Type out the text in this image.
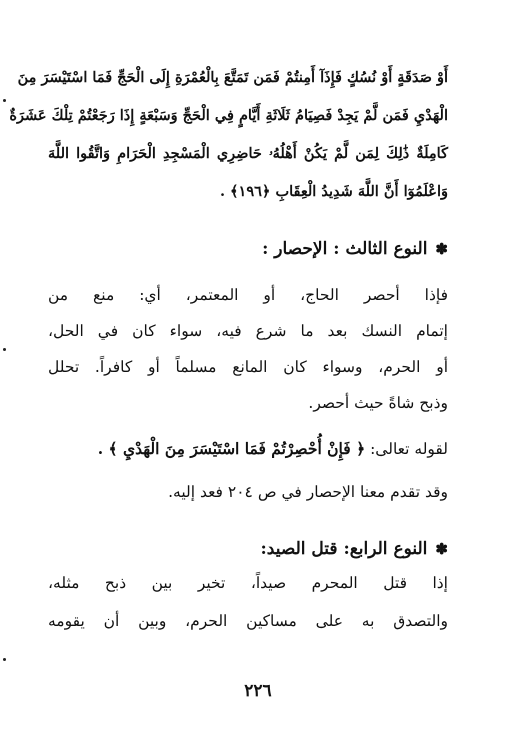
أَوْ صَدَقَةٍ أَوْ نُسُكٍ فَإِذَآ أَمِنتُمْ فَمَن تَمَتَّعَ بِالْعُمْرَةِ إِلَى الْحَجِّ فَمَا اسْتَيْسَرَ مِنَ
الْهَدْيِ فَمَن لَّمْ يَجِدْ فَصِيَامُ ثَلَاثَةِ أَيَّامٍ فِي الْحَجِّ وَسَبْعَةٍ إِذَا رَجَعْتُمْ تِلْكَ عَشَرَةٌ
كَامِلَةٌ ذَٰلِكَ لِمَن لَّمْ يَكُنْ أَهْلُهُۥ حَاضِرِي الْمَسْجِدِ الْحَرَامِ وَاتَّقُوا اللَّهَ
وَاعْلَمُوٓا أَنَّ اللَّهَ شَدِيدُ الْعِقَابِ ﴿١٩٦﴾ .
✽النوع الثالث : الإحصار :
فإذا أحصر الحاج، أو المعتمر، أي: منع من
إتمام النسك بعد ما شرع فيه، سواء كان في الحل،
أو الحرم، وسواء كان المانع مسلماً أو كافراً. تحلل
وذبح شاةً حيث أحصر.
لقوله تعالى: ﴿ فَإِنْ أُحْصِرْتُمْ فَمَا اسْتَيْسَرَ مِنَ الْهَدْيِ ﴾ .
وقد تقدم معنا الإحصار في ص ٢٠٤ فعد إليه.
✽النوع الرابع: قتل الصيد:
إذا قتل المحرم صيداً، تخير بين ذبح مثله،
والتصدق به على مساكين الحرم، وبين أن يقومه
٢٢٦
